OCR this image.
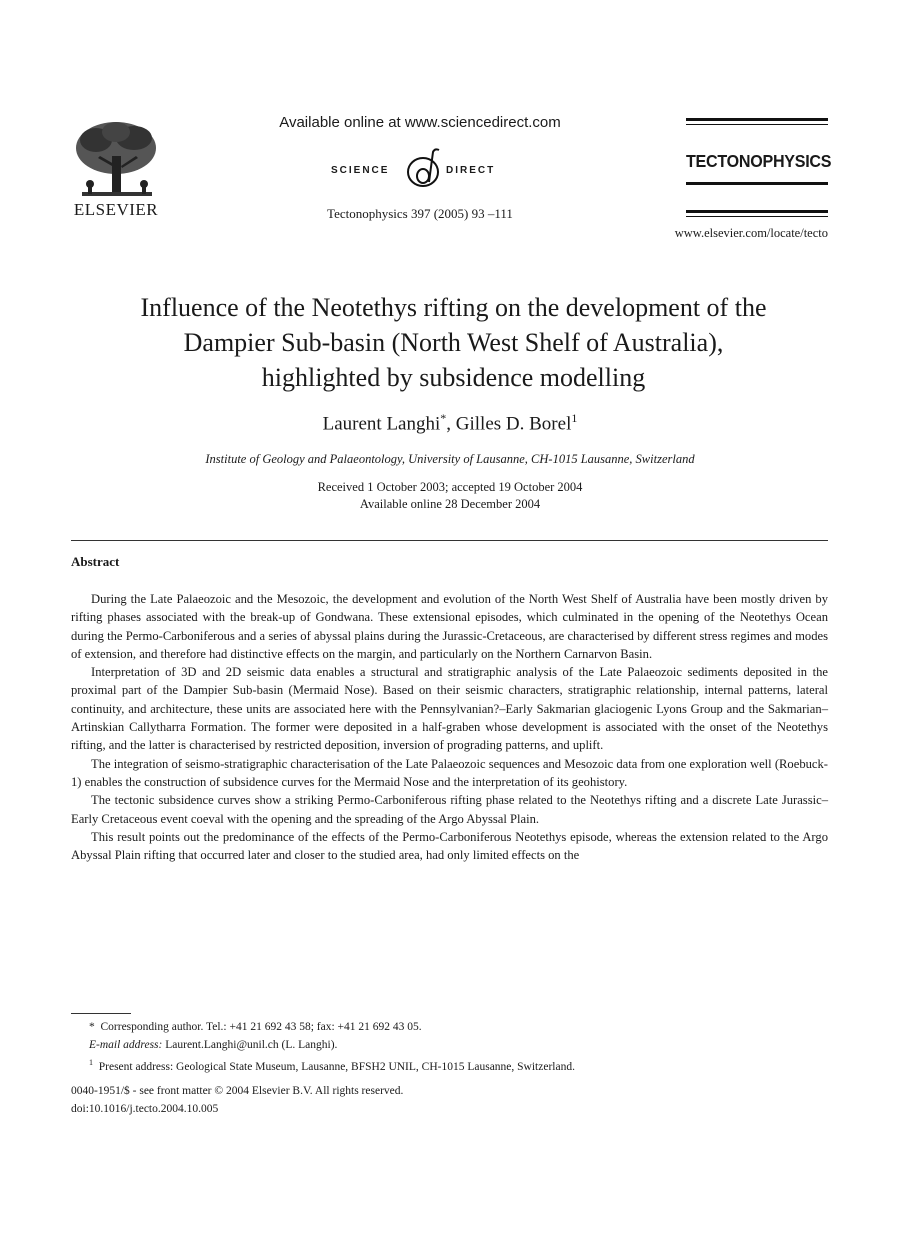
ELSEVIER
Available online at www.sciencedirect.com
SCIENCE	DIRECT
Tectonophysics 397 (2005) 93 –111
TECTONOPHYSICS
www.elsevier.com/locate/tecto
Influence of the Neotethys rifting on the development of the
Dampier Sub-basin (North West Shelf of Australia),
highlighted by subsidence modelling
Laurent Langhi*, Gilles D. Borel$^1$
Institute of Geology and Palaeontology, University of Lausanne, CH-1015 Lausanne, Switzerland
Received 1 October 2003; accepted 19 October 2004
Available online 28 December 2004
Abstract

During the Late Palaeozoic and the Mesozoic, the development and evolution of the North West Shelf of Australia have been mostly driven by rifting phases associated with the break-up of Gondwana. These extensional episodes, which culminated in the opening of the Neotethys Ocean during the Permo-Carboniferous and a series of abyssal plains during the Jurassic-Cretaceous, are characterised by different stress regimes and modes of extension, and therefore had distinctive effects on the margin, and particularly on the Northern Carnarvon Basin.

Interpretation of 3D and 2D seismic data enables a structural and stratigraphic analysis of the Late Palaeozoic sediments deposited in the proximal part of the Dampier Sub-basin (Mermaid Nose). Based on their seismic characters, stratigraphic relationship, internal patterns, lateral continuity, and architecture, these units are associated here with the Pennsylvanian?–Early Sakmarian glaciogenic Lyons Group and the Sakmarian–Artinskian Callytharra Formation. The former were deposited in a half-graben whose development is associated with the onset of the Neotethys rifting, and the latter is characterised by restricted deposition, inversion of prograding patterns, and uplift.

The integration of seismo-stratigraphic characterisation of the Late Palaeozoic sequences and Mesozoic data from one exploration well (Roebuck-1) enables the construction of subsidence curves for the Mermaid Nose and the interpretation of its geohistory.

The tectonic subsidence curves show a striking Permo-Carboniferous rifting phase related to the Neotethys rifting and a discrete Late Jurassic–Early Cretaceous event coeval with the opening and the spreading of the Argo Abyssal Plain.

This result points out the predominance of the effects of the Permo-Carboniferous Neotethys episode, whereas the extension related to the Argo Abyssal Plain rifting that occurred later and closer to the studied area, had only limited effects on the

* Corresponding author. Tel.: +41 21 692 43 58; fax: +41 21 692 43 05.
E-mail address: Laurent.Langhi@unil.ch (L. Langhi).
$^1$ Present address: Geological State Museum, Lausanne, BFSH2 UNIL, CH-1015 Lausanne, Switzerland.
0040-1951/$ - see front matter © 2004 Elsevier B.V. All rights reserved.
doi:10.1016/j.tecto.2004.10.005
